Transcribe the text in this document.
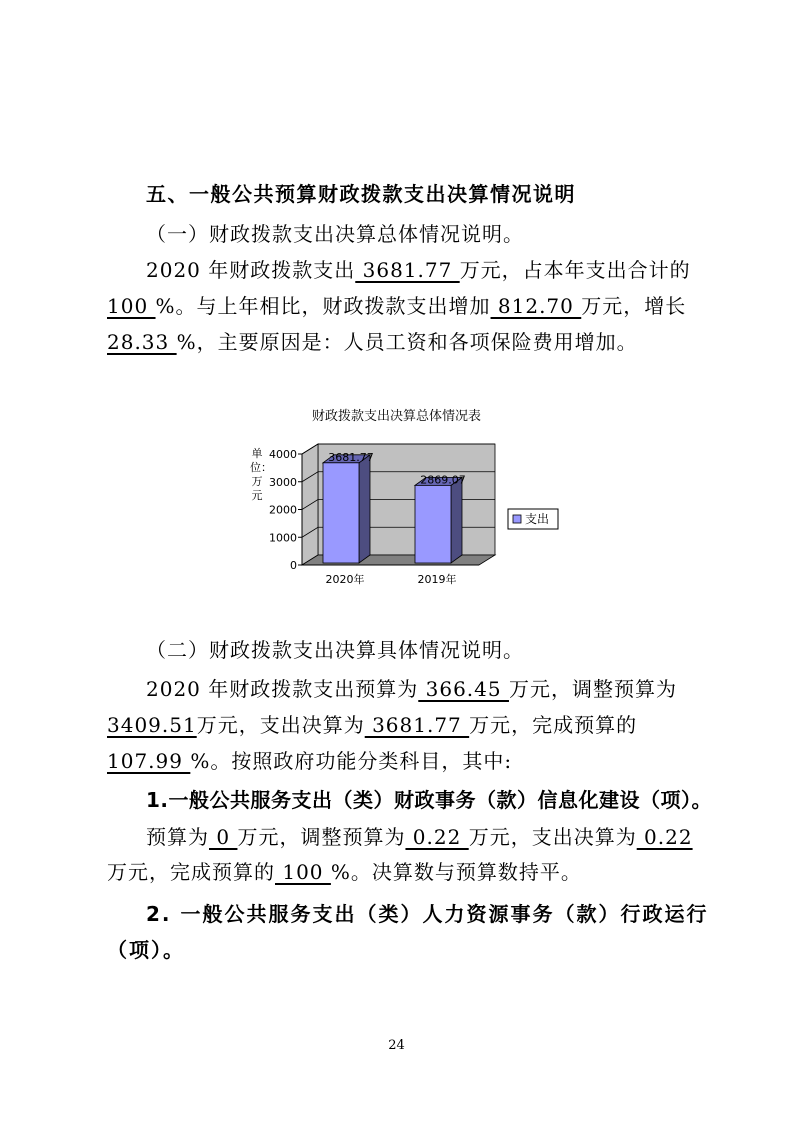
五、一般公共预算财政拨款支出决算情况说明
（一）财政拨款支出决算总体情况说明。
2020 年财政拨款支出 3681.77 万元，占本年支出合计的
100 %。与上年相比，财政拨款支出增加 812.70 万元，增长
28.33 %，主要原因是：人员工资和各项保险费用增加。
财政拨款支出决算总体情况表
单位：万元
0
1000
2000
3000
4000	3681.77
2020年
2869.07
2019年
支出
（二）财政拨款支出决算具体情况说明。
2020 年财政拨款支出预算为 366.45 万元，调整预算为
3409.51万元，支出决算为 3681.77 万元，完成预算的
107.99 %。按照政府功能分类科目，其中:
1.一般公共服务支出（类）财政事务（款）信息化建设（项）。
预算为 0 万元，调整预算为 0.22 万元，支出决算为 0.22
万元，完成预算的 100 %。决算数与预算数持平。
2. 一般公共服务支出（类）人力资源事务（款）行政运行
（项）。
24
